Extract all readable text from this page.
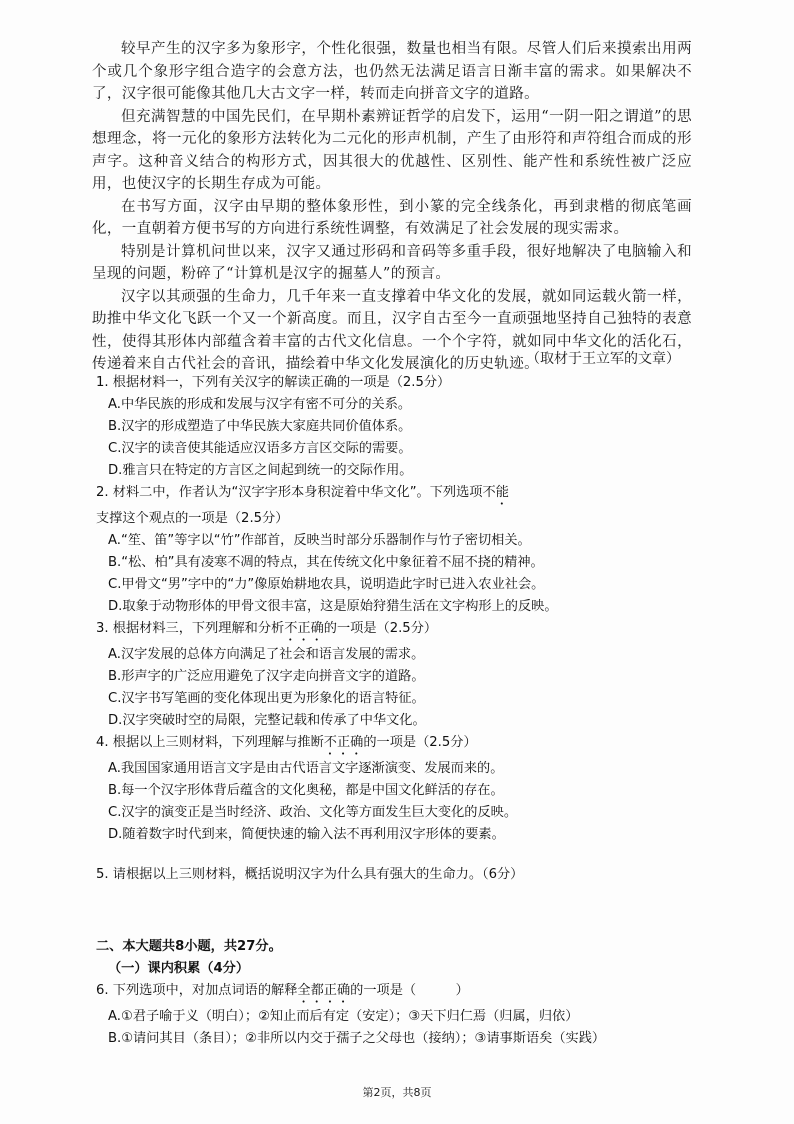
较早产生的汉字多为象形字，个性化很强，数量也相当有限。尽管人们后来摸索出用两个或几个象形字组合造字的会意方法，也仍然无法满足语言日渐丰富的需求。如果解决不了，汉字很可能像其他几大古文字一样，转而走向拼音文字的道路。

但充满智慧的中国先民们，在早期朴素辨证哲学的启发下，运用“一阴一阳之谓道”的思想理念，将一元化的象形方法转化为二元化的形声机制，产生了由形符和声符组合而成的形声字。这种音义结合的构形方式，因其很大的优越性、区别性、能产性和系统性被广泛应用，也使汉字的长期生存成为可能。

在书写方面，汉字由早期的整体象形性，到小篆的完全线条化，再到隶楷的彻底笔画化，一直朝着方便书写的方向进行系统性调整，有效满足了社会发展的现实需求。

特别是计算机问世以来，汉字又通过形码和音码等多重手段，很好地解决了电脑输入和呈现的问题，粉碎了“计算机是汉字的掘墓人”的预言。

汉字以其顽强的生命力，几千年来一直支撑着中华文化的发展，就如同运载火箭一样，助推中华文化飞跃一个又一个新高度。而且，汉字自古至今一直顽强地坚持自己独特的表意性，使得其形体内部蕴含着丰富的古代文化信息。一个个字符，就如同中华文化的活化石，传递着来自古代社会的音讯，描绘着中华文化发展演化的历史轨迹。

（取材于王立军的文章）

1. 根据材料一，下列有关汉字的解读正确的一项是（2.5分）

A.中华民族的形成和发展与汉字有密不可分的关系。

B.汉字的形成塑造了中华民族大家庭共同价值体系。

C.汉字的读音使其能适应汉语多方言区交际的需要。

D.雅言只在特定的方言区之间起到统一的交际作用。

2. 材料二中，作者认为“汉字字形本身积淀着中华文化”。下列选项不能支撑这个观点的一项是（2.5分）

A.“笙、笛”等字以“竹”作部首，反映当时部分乐器制作与竹子密切相关。

B.“松、柏”具有凌寒不凋的特点，其在传统文化中象征着不屈不挠的精神。

C.甲骨文“男”字中的“力”像原始耕地农具，说明造此字时已进入农业社会。

D.取象于动物形体的甲骨文很丰富，这是原始狩猎生活在文字构形上的反映。

3. 根据材料三，下列理解和分析不正确的一项是（2.5分）

A.汉字发展的总体方向满足了社会和语言发展的需求。

B.形声字的广泛应用避免了汉字走向拼音文字的道路。

C.汉字书写笔画的变化体现出更为形象化的语言特征。

D.汉字突破时空的局限，完整记载和传承了中华文化。

4. 根据以上三则材料，下列理解与推断不正确的一项是（2.5分）

A.我国国家通用语言文字是由古代语言文字逐渐演变、发展而来的。

B.每一个汉字形体背后蕴含的文化奥秘，都是中国文化鲜活的存在。

C.汉字的演变正是当时经济、政治、文化等方面发生巨大变化的反映。

D.随着数字时代到来，简便快速的输入法不再利用汉字形体的要素。

5. 请根据以上三则材料，概括说明汉字为什么具有强大的生命力。（6分）

二、本大题共8小题，共27分。
（一）课内积累（4分）

6. 下列选项中，对加点词语的解释全都正确的一项是（　　　）

A.①君子喻于义（明白）；②知止而后有定（安定）；③天下归仁焉（归属，归依）

B.①请问其目（条目）；②非所以内交于孺子之父母也（接纳）；③请事斯语矣（实践）

第2页，共8页
